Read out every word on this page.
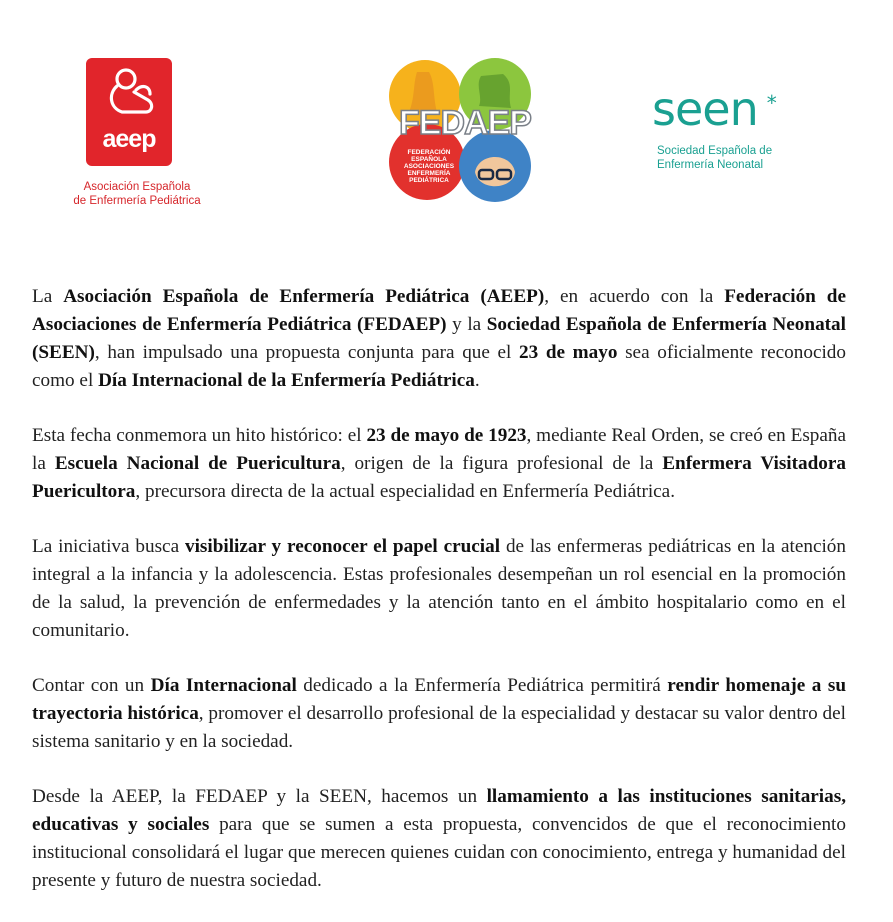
aeep
Asociación Española
de Enfermería Pediátrica
FEDAEP
FEDERACIÓN
ESPAÑOLA
ASOCIACIONES
ENFERMERÍA
PEDIÁTRICA
seen *
Sociedad Española de
Enfermería Neonatal

La Asociación Española de Enfermería Pediátrica (AEEP), en acuerdo con la Federación de Asociaciones de Enfermería Pediátrica (FEDAEP) y la Sociedad Española de Enfermería Neonatal (SEEN), han impulsado una propuesta conjunta para que el 23 de mayo sea oficialmente reconocido como el Día Internacional de la Enfermería Pediátrica.

Esta fecha conmemora un hito histórico: el 23 de mayo de 1923, mediante Real Orden, se creó en España la Escuela Nacional de Puericultura, origen de la figura profesional de la Enfermera Visitadora Puericultora, precursora directa de la actual especialidad en Enfermería Pediátrica.

La iniciativa busca visibilizar y reconocer el papel crucial de las enfermeras pediátricas en la atención integral a la infancia y la adolescencia. Estas profesionales desempeñan un rol esencial en la promoción de la salud, la prevención de enfermedades y la atención tanto en el ámbito hospitalario como en el comunitario.

Contar con un Día Internacional dedicado a la Enfermería Pediátrica permitirá rendir homenaje a su trayectoria histórica, promover el desarrollo profesional de la especialidad y destacar su valor dentro del sistema sanitario y en la sociedad.

Desde la AEEP, la FEDAEP y la SEEN, hacemos un llamamiento a las instituciones sanitarias, educativas y sociales para que se sumen a esta propuesta, convencidos de que el reconocimiento institucional consolidará el lugar que merecen quienes cuidan con conocimiento, entrega y humanidad del presente y futuro de nuestra sociedad.
